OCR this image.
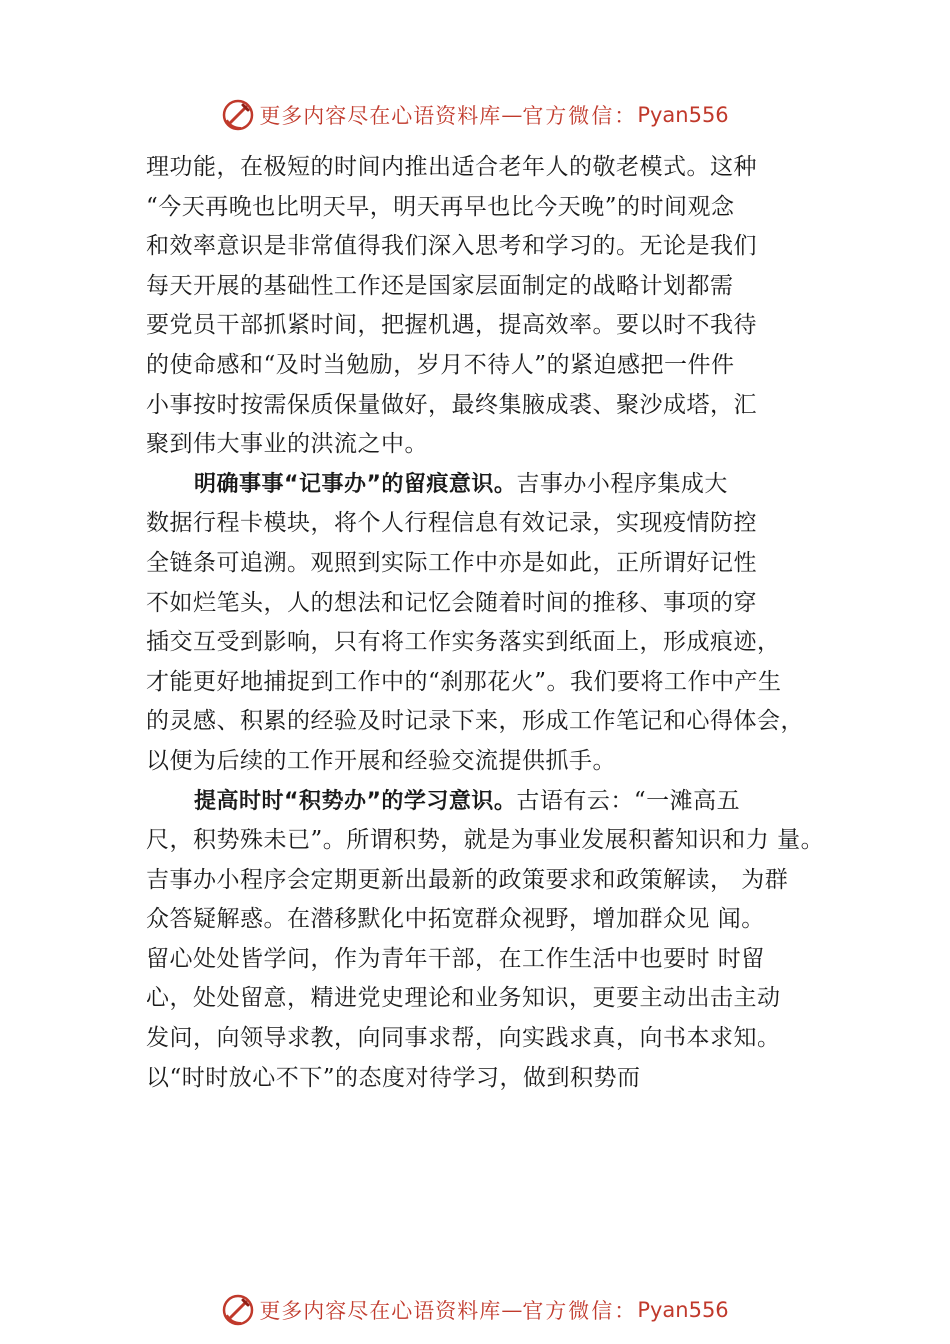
更多内容尽在心语资料库 — 官方微信： Pyan556
理功能，在极短的时间内推出适合老年人的敬老模式。这种
“今天再晚也比明天早，明天再早也比今天晚”的时间观念
和效率意识是非常值得我们深入思考和学习的。无论是我们
每天开展的基础性工作还是国家层面制定的战略计划都需
要党员干部抓紧时间，把握机遇，提高效率。要以时不我待
的使命感和“及时当勉励，岁月不待人”的紧迫感把一件件
小事按时按需保质保量做好，最终集腋成裘、聚沙成塔，汇
聚到伟大事业的洪流之中。
明确事事“记事办”的留痕意识。吉事办小程序集成大
数据行程卡模块，将个人行程信息有效记录，实现疫情防控
全链条可追溯。观照到实际工作中亦是如此，正所谓好记性
不如烂笔头，人的想法和记忆会随着时间的推移、事项的穿
插交互受到影响，只有将工作实务落实到纸面上，形成痕迹，
才能更好地捕捉到工作中的“刹那花火”。我们要将工作中产生
的灵感、积累的经验及时记录下来，形成工作笔记和心得体会，
以便为后续的工作开展和经验交流提供抓手。
提高时时“积势办”的学习意识。古语有云：“一滩高五
尺，积势殊未已”。所谓积势，就是为事业发展积蓄知识和力 量。
吉事办小程序会定期更新出最新的政策要求和政策解读， 为群
众答疑解惑。在潜移默化中拓宽群众视野，增加群众见 闻。
留心处处皆学问，作为青年干部，在工作生活中也要时 时留
心，处处留意，精进党史理论和业务知识，更要主动出击主动
发问，向领导求教，向同事求帮，向实践求真，向书本求知。
以“时时放心不下”的态度对待学习，做到积势而
更多内容尽在心语资料库 — 官方微信： Pyan556
